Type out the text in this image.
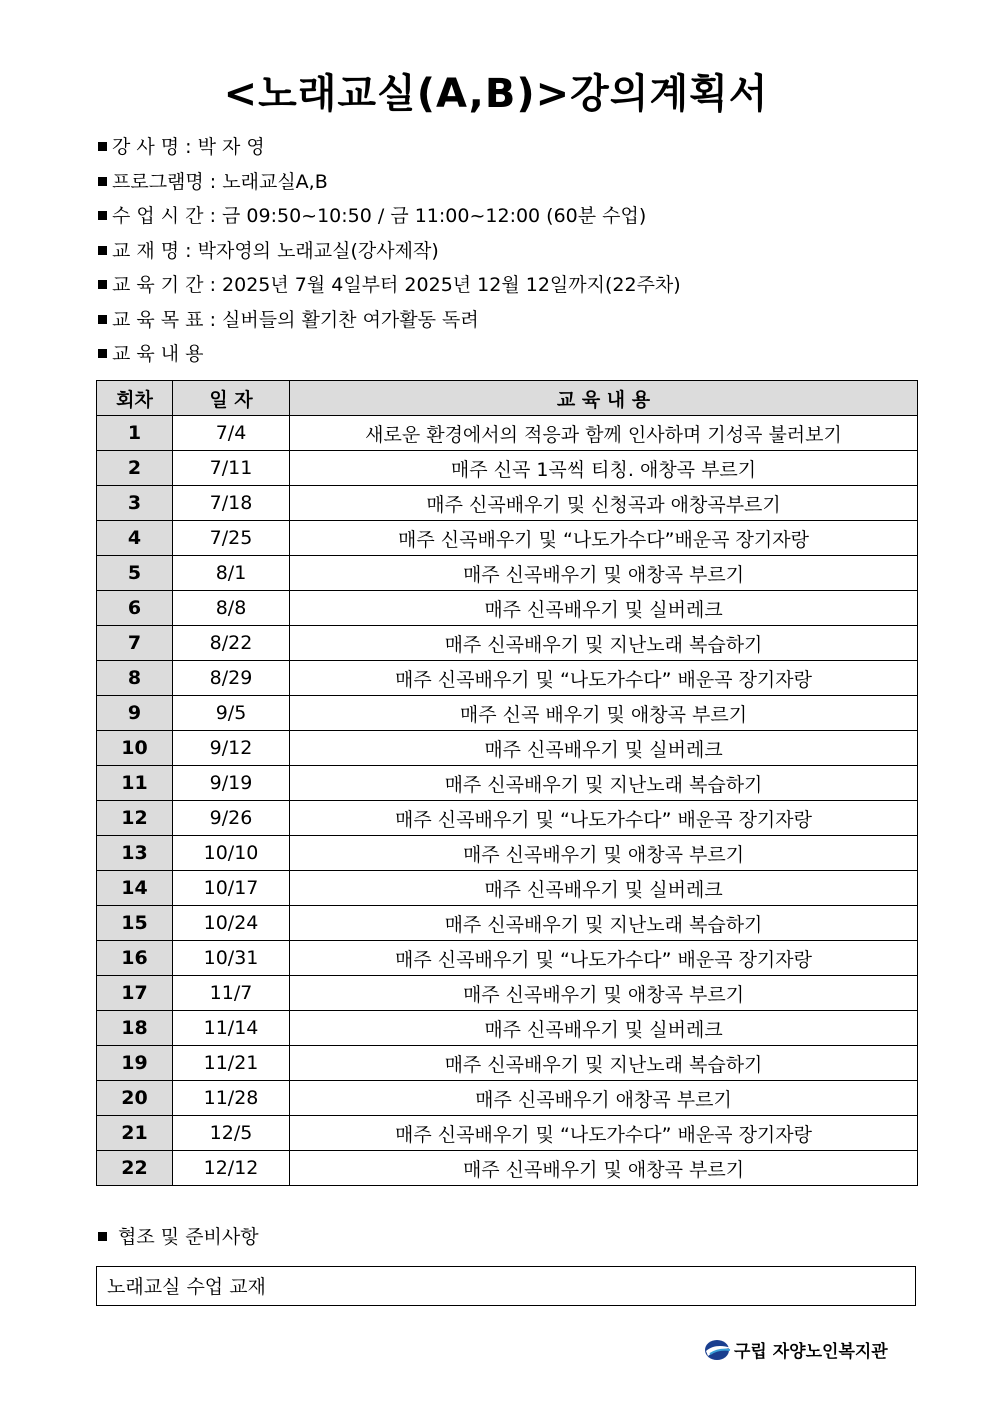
<노래교실(A,B)>강의계획서
강 사 명 : 박 자 영
프로그램명 : 노래교실A,B
수 업 시 간 : 금 09:50~10:50 / 금 11:00~12:00 (60분 수업)
교 재 명 : 박자영의 노래교실(강사제작)
교 육 기 간 : 2025년 7월 4일부터 2025년 12월 12일까지(22주차)
교 육 목 표 : 실버들의 활기찬 여가활동 독려
교 육 내 용
회차	일 자	교 육 내 용
1	7/4	새로운 환경에서의 적응과 함께 인사하며 기성곡 불러보기
2	7/11	매주 신곡 1곡씩 티칭. 애창곡 부르기
3	7/18	매주 신곡배우기 및 신청곡과 애창곡부르기
4	7/25	매주 신곡배우기 및 “나도가수다”배운곡 장기자랑
5	8/1	매주 신곡배우기 및 애창곡 부르기
6	8/8	매주 신곡배우기 및 실버레크
7	8/22	매주 신곡배우기 및 지난노래 복습하기
8	8/29	매주 신곡배우기 및 “나도가수다” 배운곡 장기자랑
9	9/5	매주 신곡 배우기 및 애창곡 부르기
10	9/12	매주 신곡배우기 및 실버레크
11	9/19	매주 신곡배우기 및 지난노래 복습하기
12	9/26	매주 신곡배우기 및 “나도가수다” 배운곡 장기자랑
13	10/10	매주 신곡배우기 및 애창곡 부르기
14	10/17	매주 신곡배우기 및 실버레크
15	10/24	매주 신곡배우기 및 지난노래 복습하기
16	10/31	매주 신곡배우기 및 “나도가수다” 배운곡 장기자랑
17	11/7	매주 신곡배우기 및 애창곡 부르기
18	11/14	매주 신곡배우기 및 실버레크
19	11/21	매주 신곡배우기 및 지난노래 복습하기
20	11/28	매주 신곡배우기 애창곡 부르기
21	12/5	매주 신곡배우기 및 “나도가수다” 배운곡 장기자랑
22	12/12	매주 신곡배우기 및 애창곡 부르기
협조 및 준비사항
노래교실 수업 교재
구립 자양노인복지관
